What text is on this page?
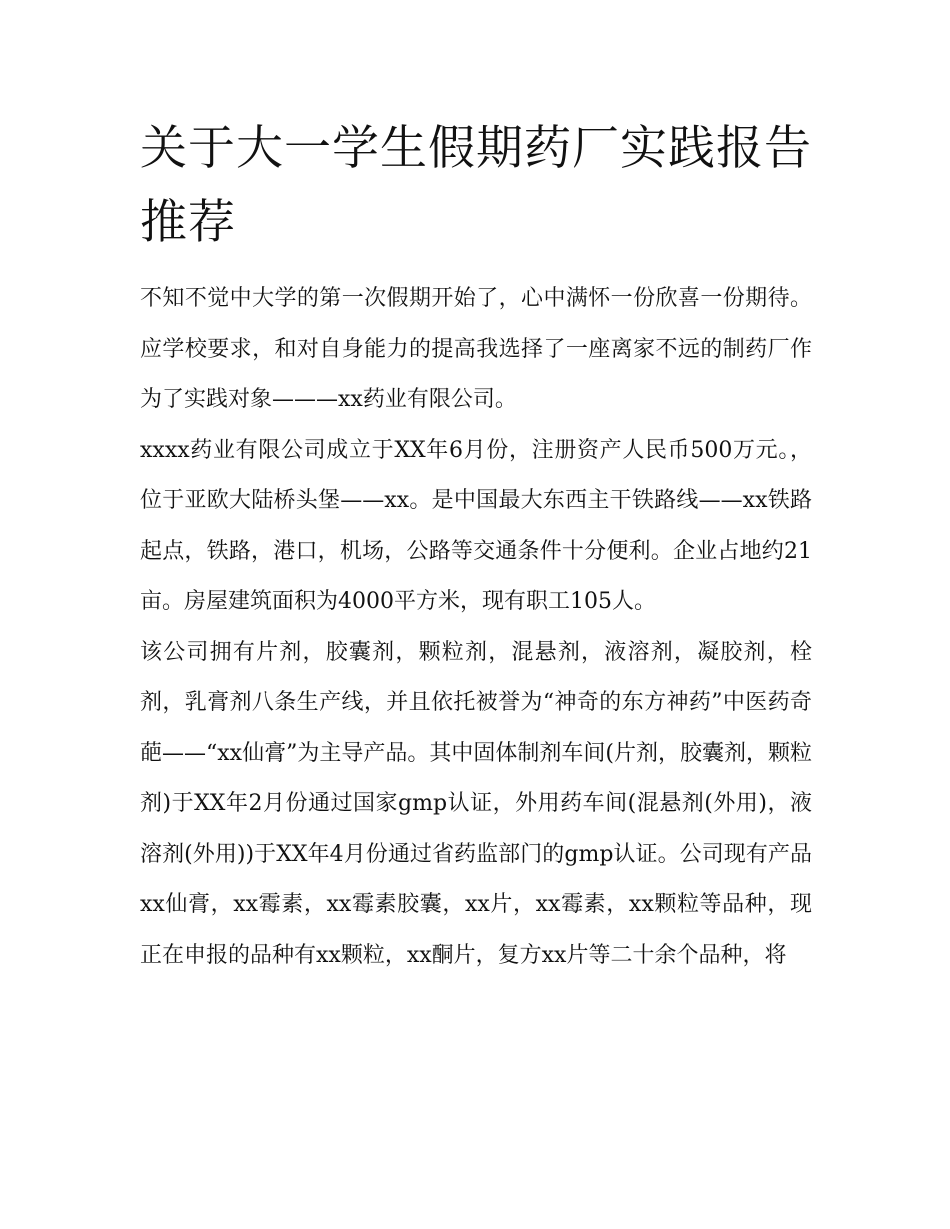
关于大一学生假期药厂实践报告推荐

不知不觉中大学的第一次假期开始了，心中满怀一份欣喜一份期待。应学校要求，和对自身能力的提高我选择了一座离家不远的制药厂作为了实践对象———xx药业有限公司。

xxxx药业有限公司成立于XX年6月份，注册资产人民币500万元。，位于亚欧大陆桥头堡——xx。是中国最大东西主干铁路线——xx铁路起点，铁路，港口，机场，公路等交通条件十分便利。企业占地约21亩。房屋建筑面积为4000平方米，现有职工105人。

该公司拥有片剂，胶囊剂，颗粒剂，混悬剂，液溶剂，凝胶剂，栓剂，乳膏剂八条生产线，并且依托被誉为“神奇的东方神药”中医药奇葩——“xx仙膏”为主导产品。其中固体制剂车间(片剂，胶囊剂，颗粒剂)于XX年2月份通过国家gmp认证，外用药车间(混悬剂(外用)，液溶剂(外用))于XX年4月份通过省药监部门的gmp认证。公司现有产品xx仙膏，xx霉素，xx霉素胶囊，xx片，xx霉素，xx颗粒等品种，现正在申报的品种有xx颗粒，xx酮片，复方xx片等二十余个品种，将
